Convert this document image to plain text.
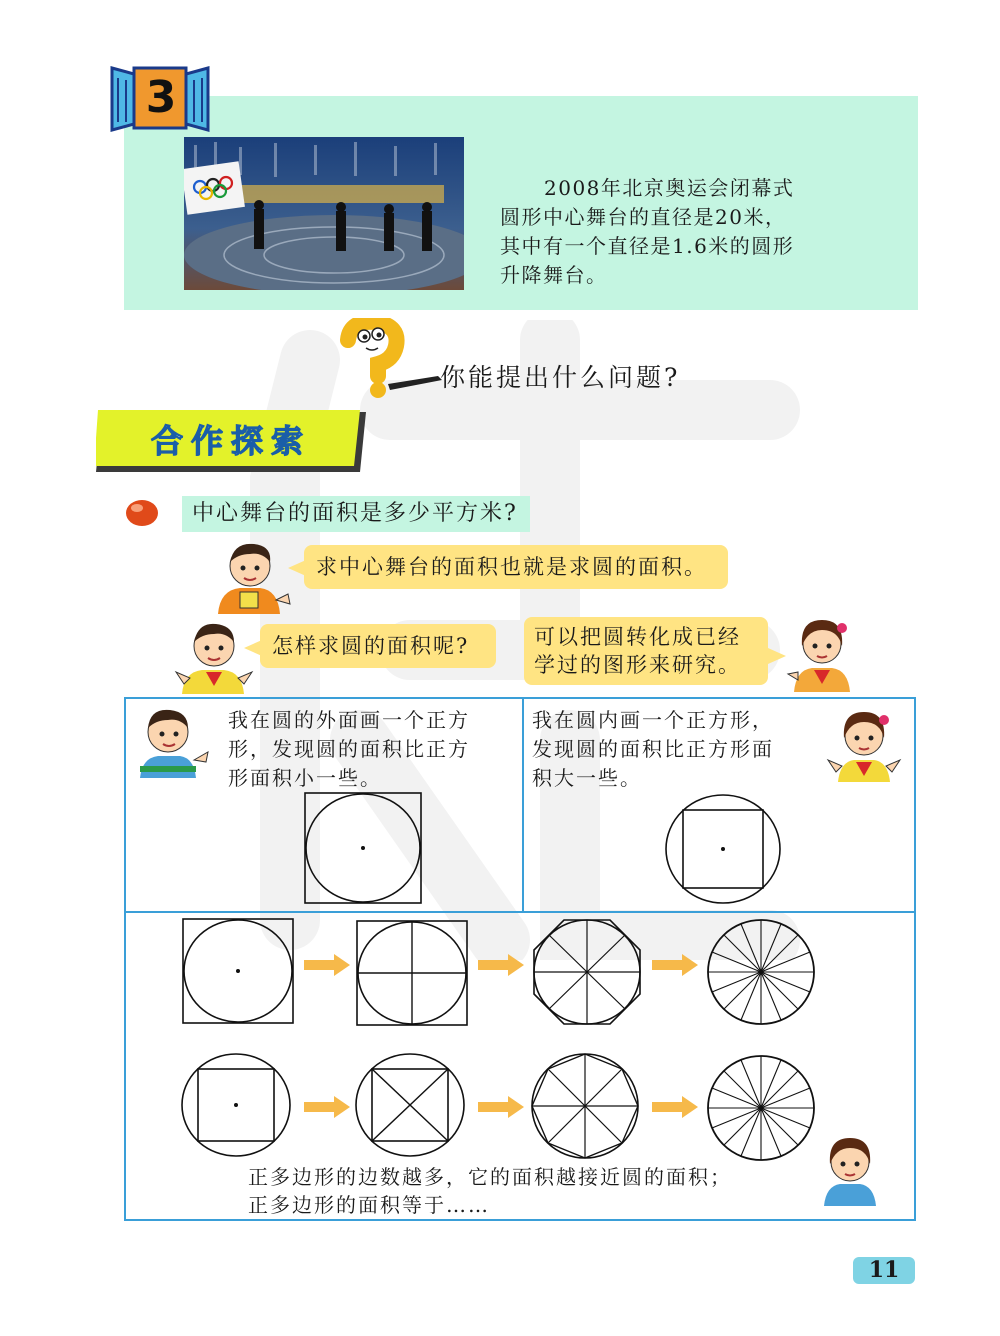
3
2008年北京奥运会闭幕式
圆形中心舞台的直径是20米，
其中有一个直径是1.6米的圆形
升降舞台。
你能提出什么问题?
合作探索
中心舞台的面积是多少平方米?
求中心舞台的面积也就是求圆的面积。
怎样求圆的面积呢?	可以把圆转化成已经
学过的图形来研究。
我在圆的外面画一个正方
形，发现圆的面积比正方
形面积小一些。
我在圆内画一个正方形，
发现圆的面积比正方形面
积大一些。
正多边形的边数越多，它的面积越接近圆的面积；
正多边形的面积等于……
11
